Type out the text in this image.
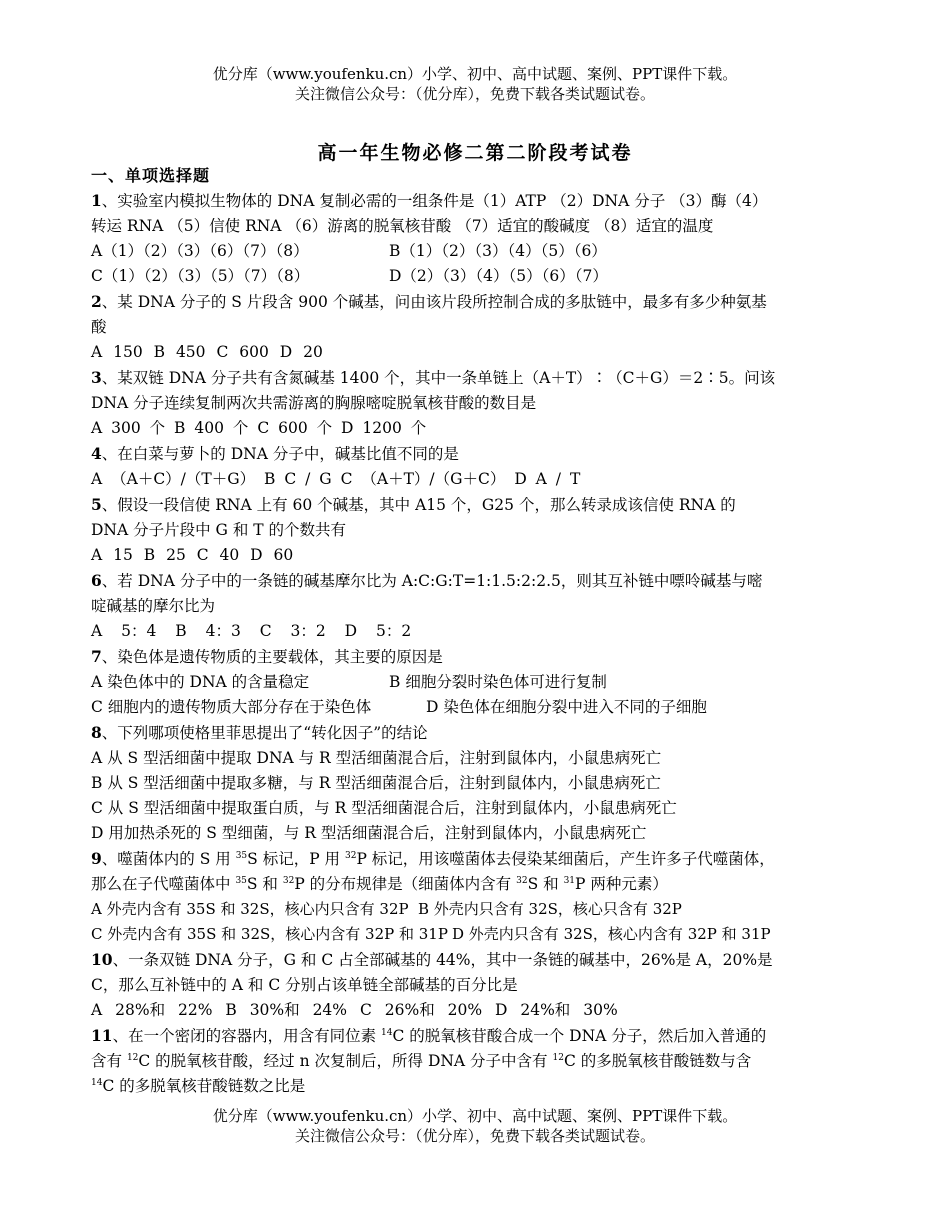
优分库（www.youfenku.cn）小学、初中、高中试题、案例、PPT课件下载。
关注微信公众号：（优分库），免费下载各类试题试卷。
高一年生物必修二第二阶段考试卷

一、单项选择题

1、实验室内模拟生物体的 DNA 复制必需的一组条件是（1）ATP （2）DNA 分子 （3）酶（4）转运 RNA （5）信使 RNA （6）游离的脱氧核苷酸 （7）适宜的酸碱度 （8）适宜的温度

A（1）（2）（3）（6）（7）（8）	B（1）（2）（3）（4）（5）（6）

C（1）（2）（3）（5）（7）（8）	D（2）（3）（4）（5）（6）（7）

2、某 DNA 分子的 S 片段含 900 个碱基，问由该片段所控制合成的多肽链中，最多有多少种氨基酸

A 150 B 450 C 600 D 20

3、某双链 DNA 分子共有含氮碱基 1400 个，其中一条单链上（A＋T）∶（C＋G）＝2∶5。问该 DNA 分子连续复制两次共需游离的胸腺嘧啶脱氧核苷酸的数目是

A 300 个 B 400 个 C 600 个 D 1200 个

4、在白菜与萝卜的 DNA 分子中，碱基比值不同的是

A （A＋C）/（T＋G） B C / G C （A＋T）/（G＋C） D A / T

5、假设一段信使 RNA 上有 60 个碱基，其中 A15 个，G25 个，那么转录成该信使 RNA 的 DNA 分子片段中 G 和 T 的个数共有

A 15 B 25 C 40 D 60

6、若 DNA 分子中的一条链的碱基摩尔比为 A:C:G:T=1:1.5:2:2.5，则其互补链中嘌呤碱基与嘧啶碱基的摩尔比为

A 5：4 B 4：3 C 3：2 D 5：2

7、染色体是遗传物质的主要载体，其主要的原因是

A 染色体中的 DNA 的含量稳定	B 细胞分裂时染色体可进行复制

C 细胞内的遗传物质大部分存在于染色体	D 染色体在细胞分裂中进入不同的子细胞

8、下列哪项使格里菲思提出了“转化因子”的结论

A 从 S 型活细菌中提取 DNA 与 R 型活细菌混合后，注射到鼠体内，小鼠患病死亡

B 从 S 型活细菌中提取多糖，与 R 型活细菌混合后，注射到鼠体内，小鼠患病死亡

C 从 S 型活细菌中提取蛋白质，与 R 型活细菌混合后，注射到鼠体内，小鼠患病死亡

D 用加热杀死的 S 型细菌，与 R 型活细菌混合后，注射到鼠体内，小鼠患病死亡

9、噬菌体内的 S 用 $^{35}$S 标记，P 用 $^{32}$P 标记，用该噬菌体去侵染某细菌后，产生许多子代噬菌体，那么在子代噬菌体中 $^{35}$S 和 $^{32}$P 的分布规律是（细菌体内含有 $^{32}$S 和 $^{31}$P 两种元素）

A 外壳内含有 35S 和 32S，核心内只含有 32P B 外壳内只含有 32S，核心只含有 32P

C 外壳内含有 35S 和 32S，核心内含有 32P 和 31P D 外壳内只含有 32S，核心内含有 32P 和 31P

10、一条双链 DNA 分子，G 和 C 占全部碱基的 44%，其中一条链的碱基中，26%是 A，20%是 C，那么互补链中的 A 和 C 分别占该单链全部碱基的百分比是

A 28%和 22% B 30%和 24% C 26%和 20% D 24%和 30%

11、在一个密闭的容器内，用含有同位素 $^{14}$C 的脱氧核苷酸合成一个 DNA 分子，然后加入普通的含有 $^{12}$C 的脱氧核苷酸，经过 n 次复制后，所得 DNA 分子中含有 $^{12}$C 的多脱氧核苷酸链数与含 $^{14}$C 的多脱氧核苷酸链数之比是

优分库（www.youfenku.cn）小学、初中、高中试题、案例、PPT课件下载。
关注微信公众号：（优分库），免费下载各类试题试卷。
